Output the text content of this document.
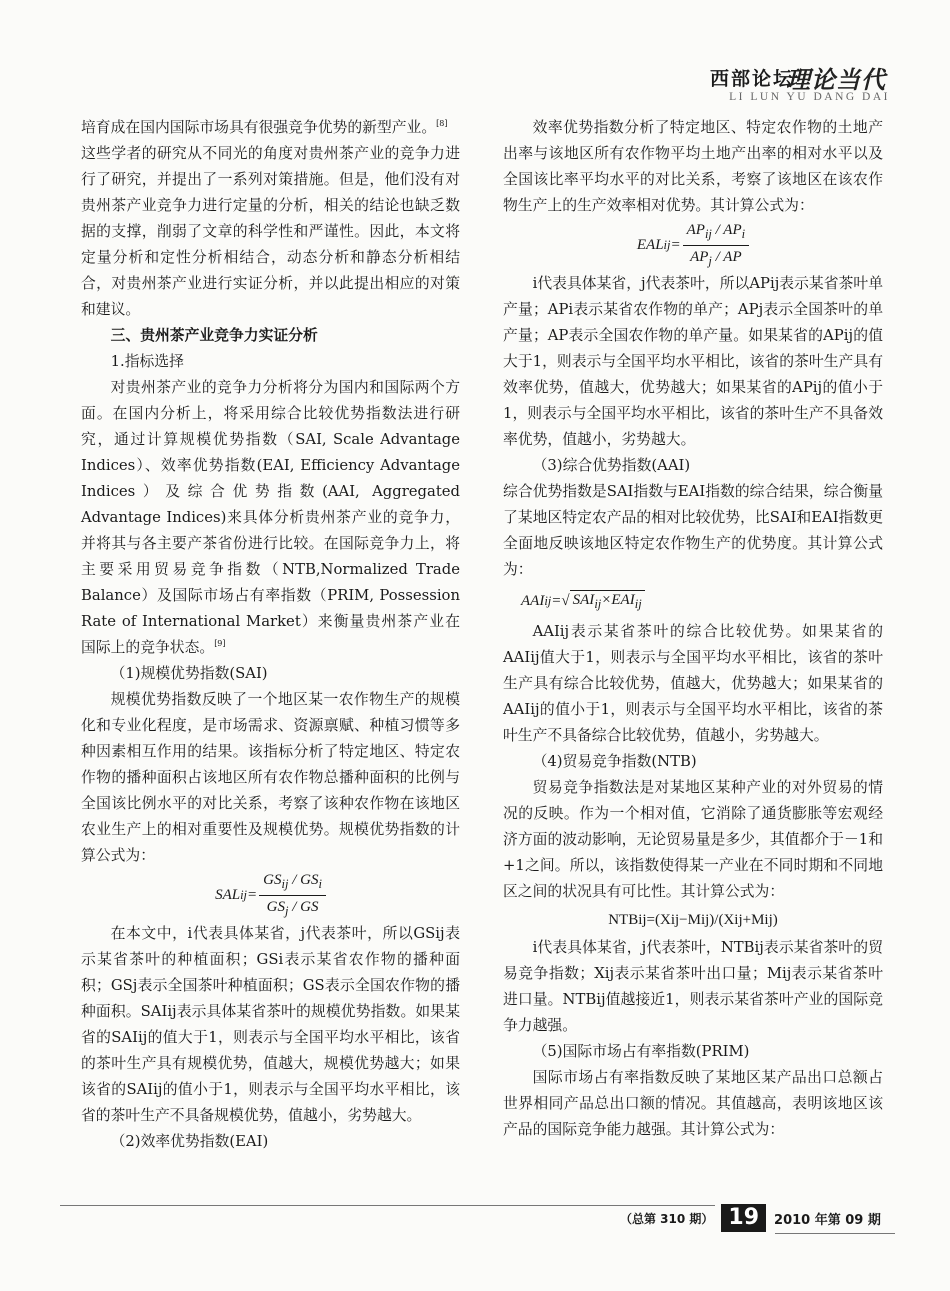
西部论坛
理论当代
LI LUN YU DANG DAI

培育成在国内国际市场具有很强竞争优势的新型产业。[8]

这些学者的研究从不同光的角度对贵州茶产业的竞争力进行了研究，并提出了一系列对策措施。但是，他们没有对贵州茶产业竞争力进行定量的分析，相关的结论也缺乏数据的支撑，削弱了文章的科学性和严谨性。因此，本文将定量分析和定性分析相结合，动态分析和静态分析相结合，对贵州茶产业进行实证分析，并以此提出相应的对策和建议。

三、贵州茶产业竞争力实证分析

1.指标选择

对贵州茶产业的竞争力分析将分为国内和国际两个方面。在国内分析上，将采用综合比较优势指数法进行研究，通过计算规模优势指数（SAI, Scale Advantage Indices）、效率优势指数(EAI, Efficiency Advantage Indices）及综合优势指数(AAI, Aggregated Advantage Indices)来具体分析贵州茶产业的竞争力，并将其与各主要产茶省份进行比较。在国际竞争力上，将主要采用贸易竞争指数（NTB,Normalized Trade Balance）及国际市场占有率指数（PRIM, Possession Rate of International Market）来衡量贵州茶产业在国际上的竞争状态。[9]

（1)规模优势指数(SAI)

规模优势指数反映了一个地区某一农作物生产的规模化和专业化程度，是市场需求、资源禀赋、种植习惯等多种因素相互作用的结果。该指标分析了特定地区、特定农作物的播种面积占该地区所有农作物总播种面积的比例与全国该比例水平的对比关系，考察了该种农作物在该地区农业生产上的相对重要性及规模优势。规模优势指数的计算公式为：

SAL ij = $\frac{GS_{ij} / GS_i}{GS_j / GS}$

在本文中，i代表具体某省，j代表茶叶，所以GSij表示某省茶叶的种植面积；GSi表示某省农作物的播种面积；GSj表示全国茶叶种植面积；GS表示全国农作物的播种面积。SAIij表示具体某省茶叶的规模优势指数。如果某省的SAIij的值大于1，则表示与全国平均水平相比，该省的茶叶生产具有规模优势，值越大，规模优势越大；如果该省的SAIij的值小于1，则表示与全国平均水平相比，该省的茶叶生产不具备规模优势，值越小，劣势越大。

（2)效率优势指数(EAI)

效率优势指数分析了特定地区、特定农作物的土地产出率与该地区所有农作物平均土地产出率的相对水平以及全国该比率平均水平的对比关系，考察了该地区在该农作物生产上的生产效率相对优势。其计算公式为：

EAL ij = $\frac{AP_{ij} / AP_i}{AP_j / AP}$

i代表具体某省，j代表茶叶，所以APij表示某省茶叶单产量；APi表示某省农作物的单产；APj表示全国茶叶的单产量；AP表示全国农作物的单产量。如果某省的APij的值大于1，则表示与全国平均水平相比，该省的茶叶生产具有效率优势，值越大，优势越大；如果某省的APij的值小于1，则表示与全国平均水平相比，该省的茶叶生产不具备效率优势，值越小，劣势越大。

（3)综合优势指数(AAI)

综合优势指数是SAI指数与EAI指数的综合结果，综合衡量了某地区特定农产品的相对比较优势，比SAI和EAI指数更全面地反映该地区特定农作物生产的优势度。其计算公式为：

AAI ij = √ $SAI_{ij}\times EAI_{ij}$

AAIij表示某省茶叶的综合比较优势。如果某省的AAIij值大于1，则表示与全国平均水平相比，该省的茶叶生产具有综合比较优势，值越大，优势越大；如果某省的AAIij的值小于1，则表示与全国平均水平相比，该省的茶叶生产不具备综合比较优势，值越小，劣势越大。

（4)贸易竞争指数(NTB)

贸易竞争指数法是对某地区某种产业的对外贸易的情况的反映。作为一个相对值，它消除了通货膨胀等宏观经济方面的波动影响，无论贸易量是多少，其值都介于－1和+1之间。所以，该指数使得某一产业在不同时期和不同地区之间的状况具有可比性。其计算公式为：

NTBij=(Xij−Mij)/(Xij+Mij)

i代表具体某省，j代表茶叶，NTBij表示某省茶叶的贸易竞争指数；Xij表示某省茶叶出口量；Mij表示某省茶叶进口量。NTBij值越接近1，则表示某省茶叶产业的国际竞争力越强。

（5)国际市场占有率指数(PRIM)

国际市场占有率指数反映了某地区某产品出口总额占世界相同产品总出口额的情况。其值越高，表明该地区该产品的国际竞争能力越强。其计算公式为：

（总第 310 期） 19	2010 年第 09 期
